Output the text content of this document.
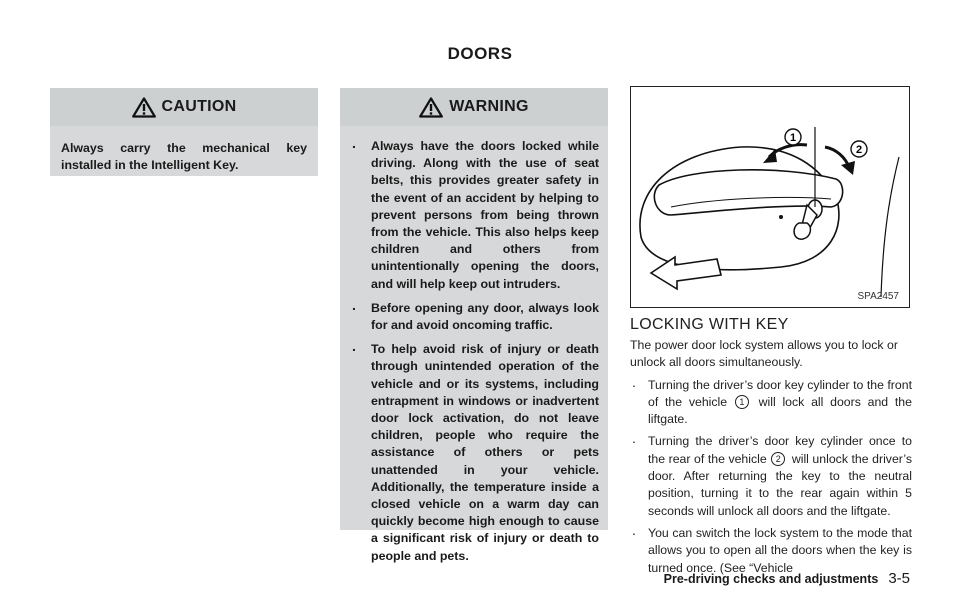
DOORS
CAUTION
Always carry the mechanical key installed in the Intelligent Key.
WARNING
. Always have the doors locked while driving. Along with the use of seat belts, this provides greater safety in the event of an accident by helping to prevent persons from being thrown from the vehicle. This also helps keep children and others from unintentionally opening the doors, and will help keep out intruders.
. Before opening any door, always look for and avoid oncoming traffic.
. To help avoid risk of injury or death through unintended operation of the vehicle and or its systems, including entrapment in windows or inadvertent door lock activation, do not leave children, people who require the assistance of others or pets unattended in your vehicle. Additionally, the temperature inside a closed vehicle on a warm day can quickly become high enough to cause a significant risk of injury or death to people and pets.
1
2
SPA2457
LOCKING WITH KEY

The power door lock system allows you to lock or unlock all doors simultaneously.

. Turning the driver’s door key cylinder to the front of the vehicle 1 will lock all doors and the liftgate.
. Turning the driver’s door key cylinder once to the rear of the vehicle 2 will unlock the driver’s door. After returning the key to the neutral position, turning it to the rear again within 5 seconds will unlock all doors and the liftgate.
. You can switch the lock system to the mode that allows you to open all the doors when the key is turned once. (See “Vehicle
Pre-driving checks and adjustments 3-5
